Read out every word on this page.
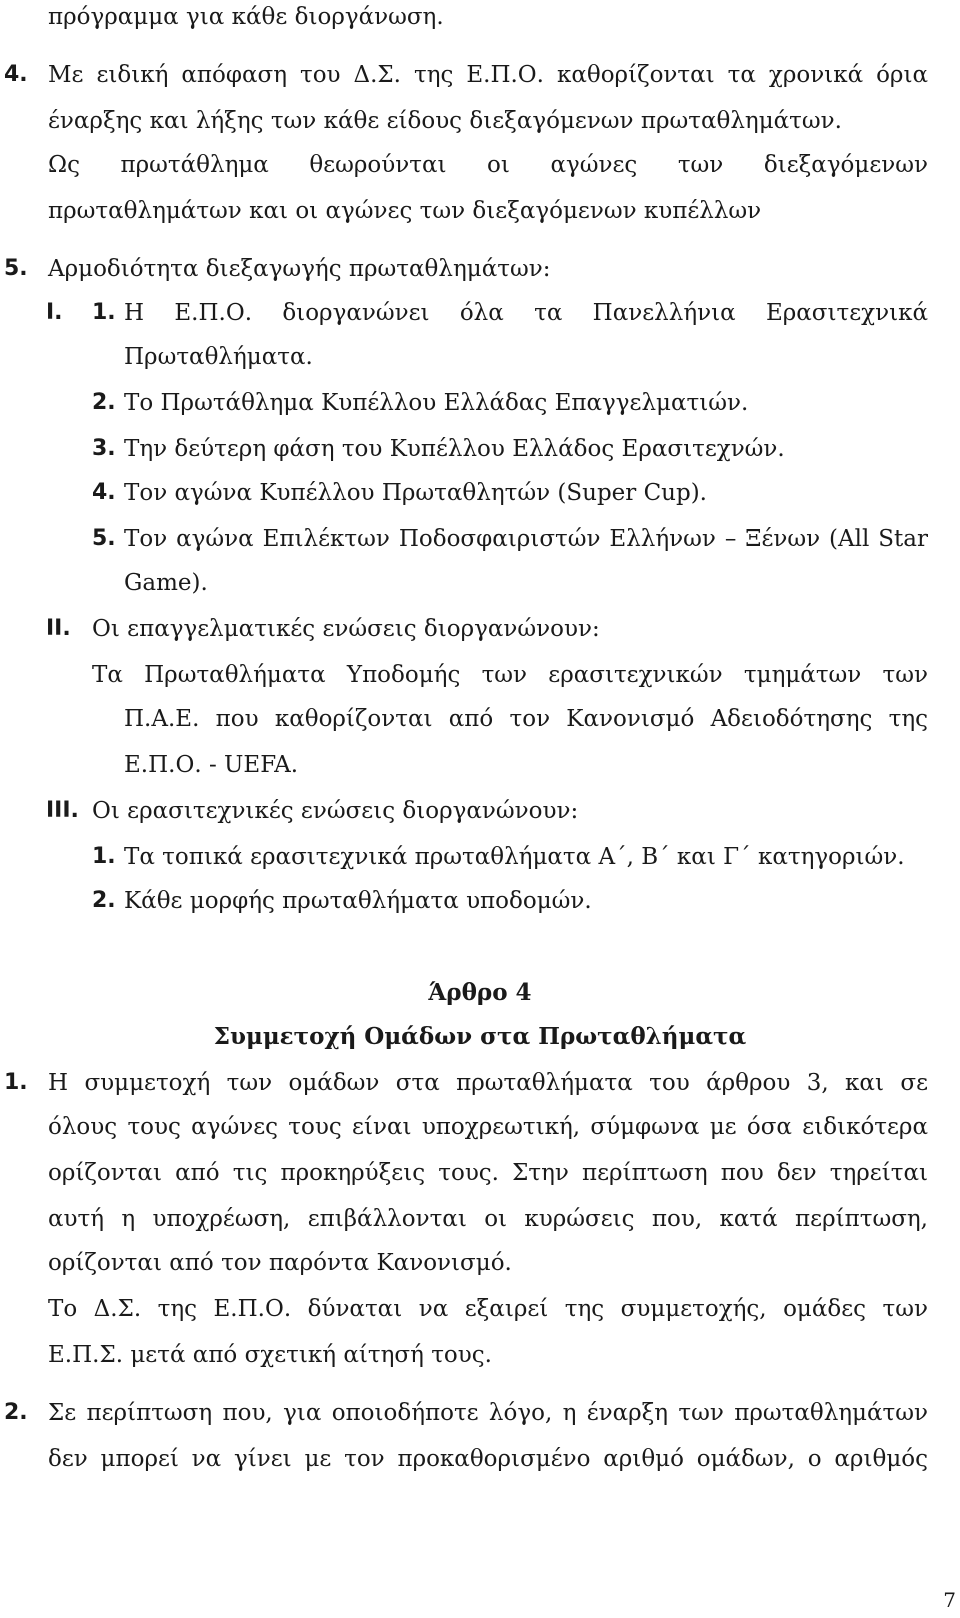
πρόγραμμα για κάθε διοργάνωση.
4. Με ειδική απόφαση του Δ.Σ. της Ε.Π.Ο. καθορίζονται τα χρονικά όρια
έναρξης και λήξης των κάθε είδους διεξαγόμενων πρωταθλημάτων.
Ως πρωτάθλημα θεωρούνται οι αγώνες των διεξαγόμενων
πρωταθλημάτων και οι αγώνες των διεξαγόμενων κυπέλλων
5. Αρμοδιότητα διεξαγωγής πρωταθλημάτων:
Ι. 1. Η Ε.Π.Ο. διοργανώνει όλα τα Πανελλήνια Ερασιτεχνικά
Πρωταθλήματα.
2. Το Πρωτάθλημα Κυπέλλου Ελλάδας Επαγγελματιών.
3. Την δεύτερη φάση του Κυπέλλου Ελλάδος Ερασιτεχνών.
4. Τον αγώνα Κυπέλλου Πρωταθλητών (Super Cup).
5. Τον αγώνα Επιλέκτων Ποδοσφαιριστών Ελλήνων – Ξένων (All Star
Game).
ΙΙ. Οι επαγγελματικές ενώσεις διοργανώνουν:
Τα Πρωταθλήματα Υποδομής των ερασιτεχνικών τμημάτων των
Π.Α.Ε. που καθορίζονται από τον Κανονισμό Αδειοδότησης της
Ε.Π.Ο. - UEFA.
ΙΙΙ. Οι ερασιτεχνικές ενώσεις διοργανώνουν:
1. Τα τοπικά ερασιτεχνικά πρωταθλήματα Α΄, Β΄ και Γ΄ κατηγοριών.
2. Κάθε μορφής πρωταθλήματα υποδομών.
Άρθρο 4
Συμμετοχή Ομάδων στα Πρωταθλήματα
1. Η συμμετοχή των ομάδων στα πρωταθλήματα του άρθρου 3, και σε
όλους τους αγώνες τους είναι υποχρεωτική, σύμφωνα με όσα ειδικότερα
ορίζονται από τις προκηρύξεις τους. Στην περίπτωση που δεν τηρείται
αυτή η υποχρέωση, επιβάλλονται οι κυρώσεις που, κατά περίπτωση,
ορίζονται από τον παρόντα Κανονισμό.
Το Δ.Σ. της Ε.Π.Ο. δύναται να εξαιρεί της συμμετοχής, ομάδες των
Ε.Π.Σ. μετά από σχετική αίτησή τους.
2. Σε περίπτωση που, για οποιοδήποτε λόγο, η έναρξη των πρωταθλημάτων
δεν μπορεί να γίνει με τον προκαθορισμένο αριθμό ομάδων, ο αριθμός
7
